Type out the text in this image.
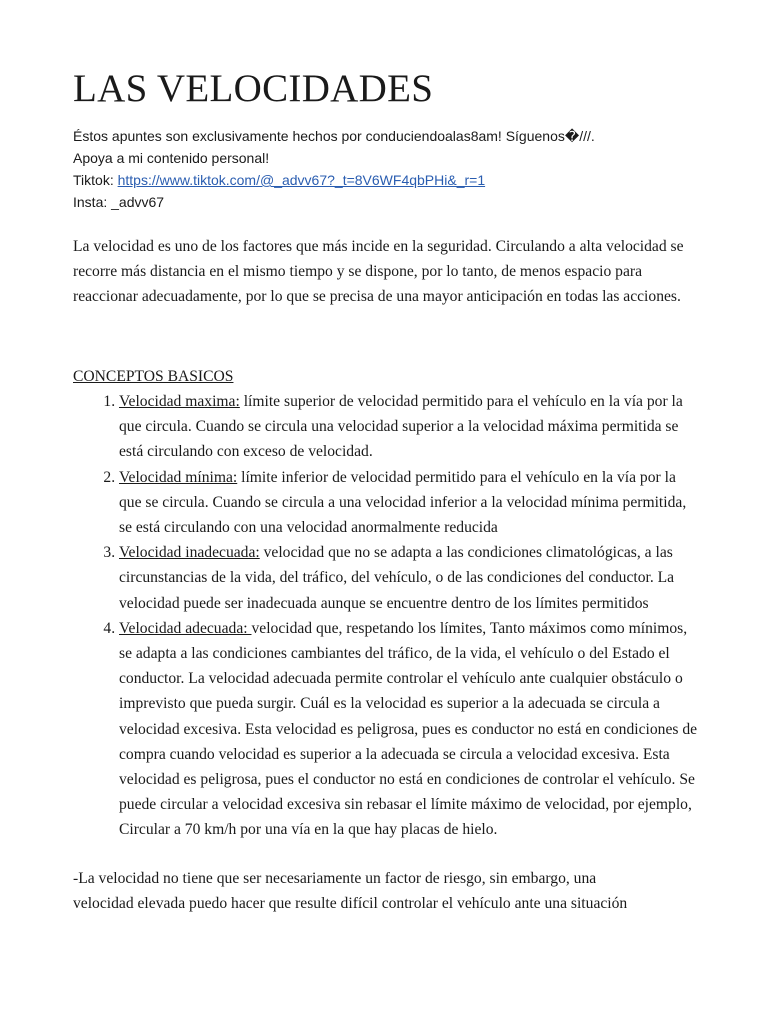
LAS VELOCIDADES
Éstos apuntes son exclusivamente hechos por conduciendoalas8am! Síguenos�///.
Apoya a mi contenido personal!
Tiktok: https://www.tiktok.com/@_advv67?_t=8V6WF4qbPHi&_r=1
Insta: _advv67

La velocidad es uno de los factores que más incide en la seguridad. Circulando a alta velocidad se recorre más distancia en el mismo tiempo y se dispone, por lo tanto, de menos espacio para reaccionar adecuadamente, por lo que se precisa de una mayor anticipación en todas las acciones.

CONCEPTOS BASICOS
1. Velocidad maxima: límite superior de velocidad permitido para el vehículo en la vía por la que circula. Cuando se circula una velocidad superior a la velocidad máxima permitida se está circulando con exceso de velocidad.
2. Velocidad mínima: límite inferior de velocidad permitido para el vehículo en la vía por la que se circula. Cuando se circula a una velocidad inferior a la velocidad mínima permitida, se está circulando con una velocidad anormalmente reducida
3. Velocidad inadecuada: velocidad que no se adapta a las condiciones climatológicas, a las circunstancias de la vida, del tráfico, del vehículo, o de las condiciones del conductor. La velocidad puede ser inadecuada aunque se encuentre dentro de los límites permitidos
4. Velocidad adecuada: velocidad que, respetando los límites, Tanto máximos como mínimos, se adapta a las condiciones cambiantes del tráfico, de la vida, el vehículo o del Estado el conductor. La velocidad adecuada permite controlar el vehículo ante cualquier obstáculo o imprevisto que pueda surgir. Cuál es la velocidad es superior a la adecuada se circula a velocidad excesiva. Esta velocidad es peligrosa, pues es conductor no está en condiciones de compra cuando velocidad es superior a la adecuada se circula a velocidad excesiva. Esta velocidad es peligrosa, pues el conductor no está en condiciones de controlar el vehículo. Se puede circular a velocidad excesiva sin rebasar el límite máximo de velocidad, por ejemplo, Circular a 70 km/h por una vía en la que hay placas de hielo.
-La velocidad no tiene que ser necesariamente un factor de riesgo, sin embargo, una
velocidad elevada puedo hacer que resulte difícil controlar el vehículo ante una situación
